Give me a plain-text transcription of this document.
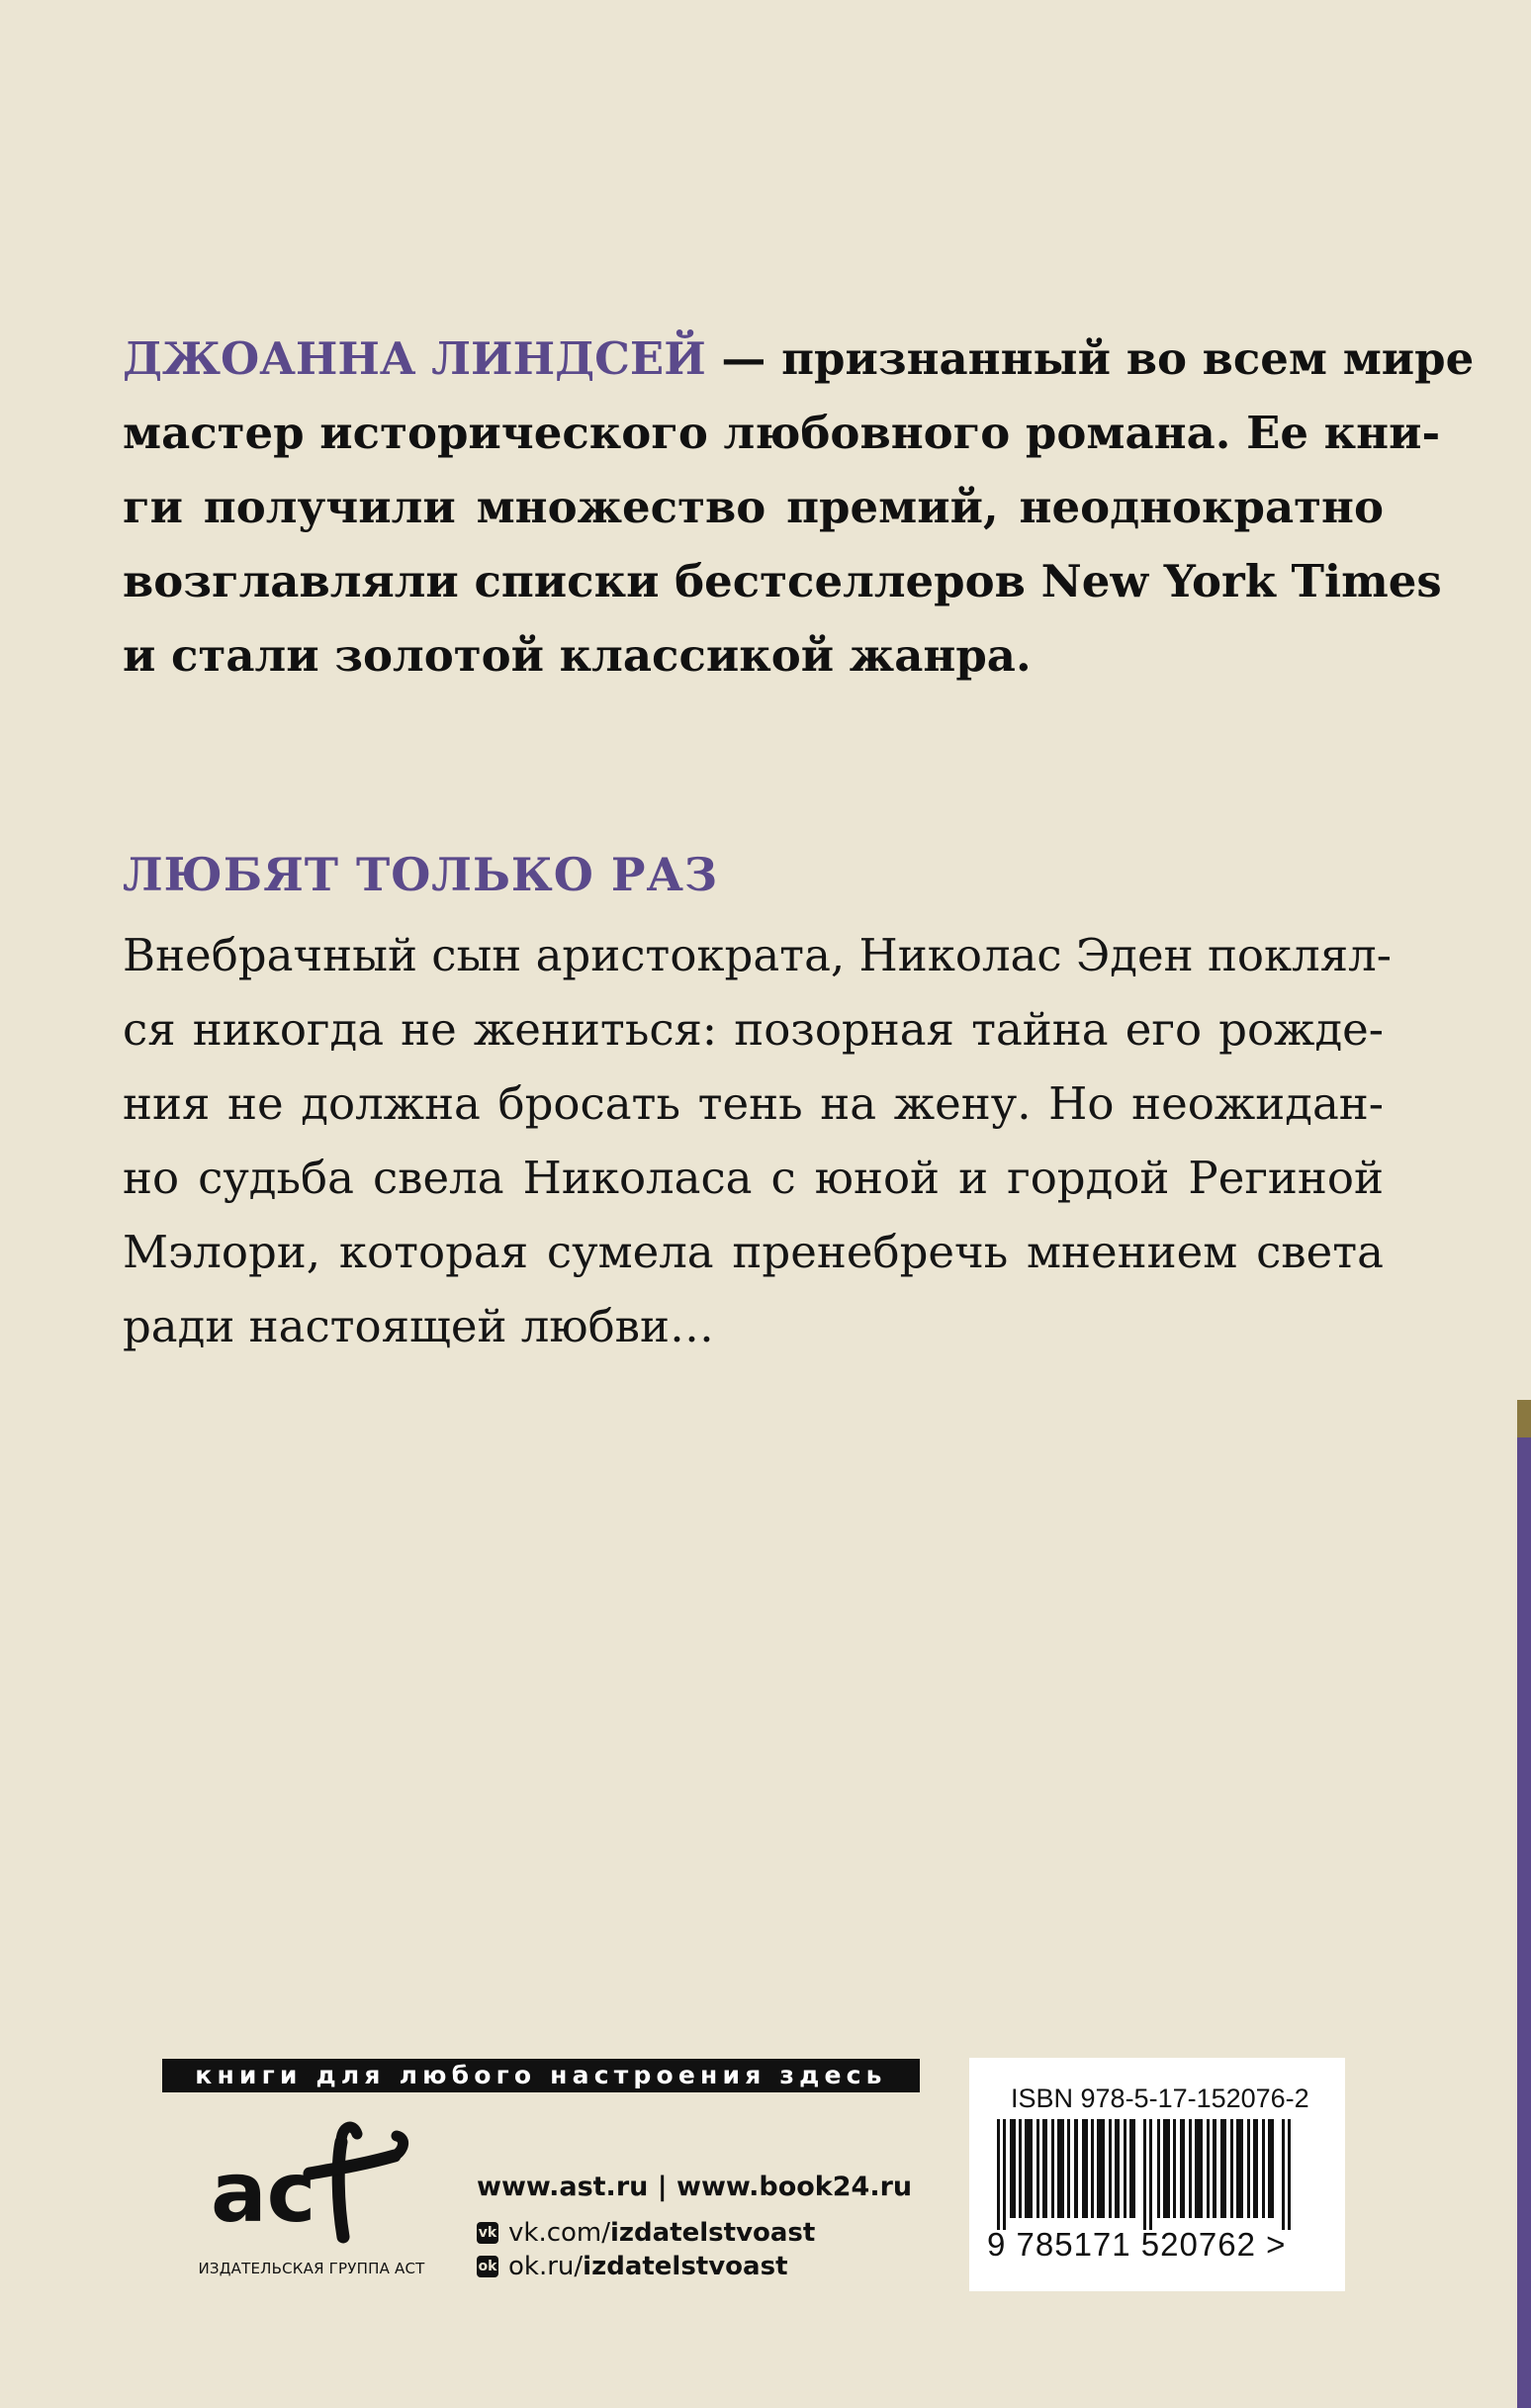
ДЖОАННА ЛИНДСЕЙ — признанный во всем мире
мастер исторического любовного романа. Ее кни-
ги получили множество премий, неоднократно
возглавляли списки бестселлеров New York Times
и стали золотой классикой жанра.
ЛЮБЯТ ТОЛЬКО РАЗ
Внебрачный сын аристократа, Николас Эден поклял-
ся никогда не жениться: позорная тайна его рожде-
ния не должна бросать тень на жену. Но неожидан-
но судьба свела Николаса с юной и гордой Региной
Мэлори, которая сумела пренебречь мнением света
ради настоящей любви…
книги для любого настроения здесь
ac
ИЗДАТЕЛЬСКАЯ ГРУППА АСТ
www.ast.ru | www.book24.ru
vk vk.com/ izdatelstvoast
ok ok.ru/ izdatelstvoast
ISBN 978-5-17-152076-2
9 785171 520762 >
